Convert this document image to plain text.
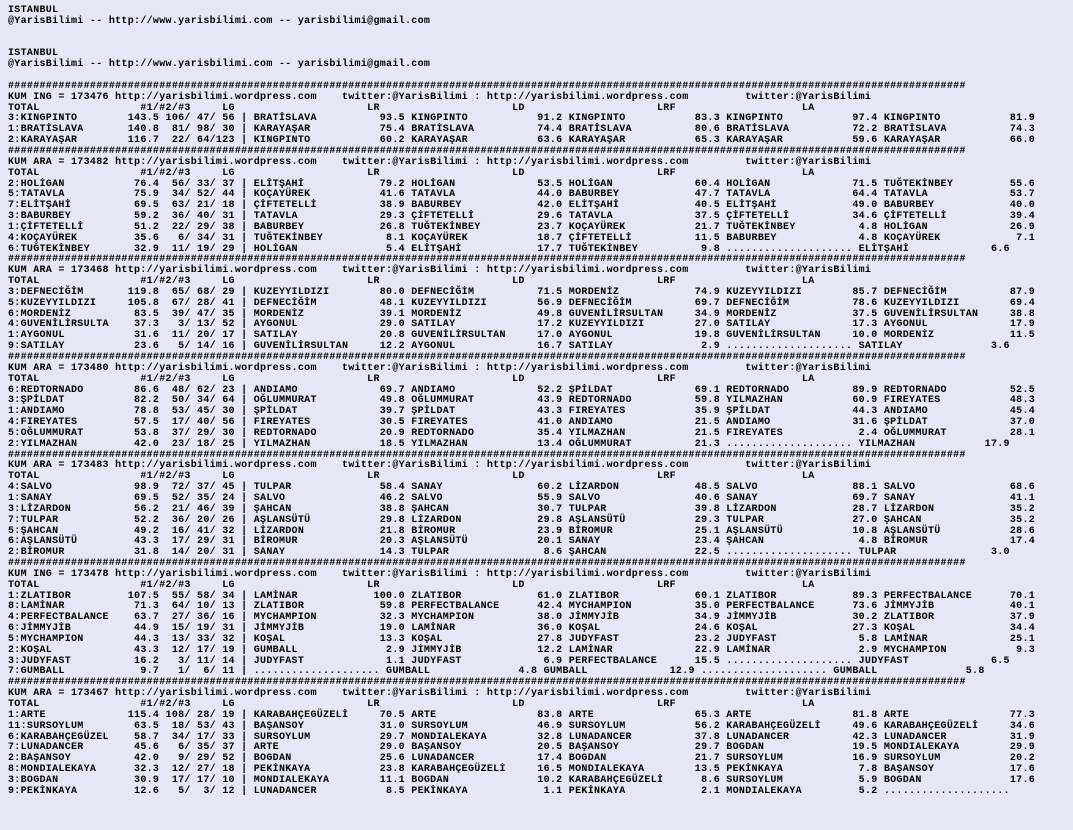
ISTANBUL
@YarisBilimi -- http://www.yarisbilimi.com -- yarisbilimi@gmail.com
ISTANBUL
@YarisBilimi -- http://www.yarisbilimi.com -- yarisbilimi@gmail.com
########################################################################################################################################################
KUM ING = 173476 http://yarisbilimi.wordpress.com    twitter:@YarisBilimi : http://yarisbilimi.wordpress.com         twitter:@YarisBilimi
TOTAL                #1/#2/#3     LG                     LR                     LD                     LRF                    LA
3:KINGPINTO        143.5 106/ 47/ 56 | BRATİSLAVA          93.5 KINGPINTO           91.2 KINGPINTO           83.3 KINGPINTO           97.4 KINGPINTO           81.9
1:BRATİSLAVA       140.8  81/ 98/ 30 | KARAYAŞAR           75.4 BRATİSLAVA          74.4 BRATİSLAVA          80.6 BRATİSLAVA          72.2 BRATİSLAVA          74.3
2:KARAYAŞAR        116.7  22/ 64/123 | KINGPINTO           60.2 KARAYAŞAR           63.6 KARAYAŞAR           65.3 KARAYAŞAR           59.6 KARAYAŞAR           66.0
########################################################################################################################################################
KUM ARA = 173482 http://yarisbilimi.wordpress.com    twitter:@YarisBilimi : http://yarisbilimi.wordpress.com         twitter:@YarisBilimi
TOTAL                #1/#2/#3     LG                     LR                     LD                     LRF                    LA
2:HOLİGAN           76.4  56/ 33/ 37 | ELİTŞAHİ            79.2 HOLİGAN             53.5 HOLİGAN             60.4 HOLİGAN             71.5 TUĞTEKİNBEY         55.6
5:TATAVLA           75.9  34/ 52/ 44 | KOÇAYÜREK           41.6 TATAVLA             44.0 BABURBEY            47.7 TATAVLA             64.4 TATAVLA             53.7
7:ELİTŞAHİ          69.5  63/ 21/ 18 | ÇİFTETELLİ          38.9 BABURBEY            42.0 ELİTŞAHİ            40.5 ELİTŞAHİ            49.0 BABURBEY            40.0
3:BABURBEY          59.2  36/ 40/ 31 | TATAVLA             29.3 ÇİFTETELLİ          29.6 TATAVLA             37.5 ÇİFTETELLİ          34.6 ÇİFTETELLİ          39.4
1:ÇİFTETELLİ        51.2  22/ 29/ 38 | BABURBEY            26.8 TUĞTEKİNBEY         23.7 KOÇAYÜREK           21.7 TUĞTEKİNBEY          4.8 HOLİGAN             26.9
4:KOÇAYÜREK         35.6   6/ 34/ 31 | TUĞTEKİNBEY          8.1 KOÇAYÜREK           18.7 ÇİFTETELLİ          11.5 BABURBEY             4.8 KOÇAYÜREK            7.1
6:TUĞTEKİNBEY       32.9  11/ 19/ 29 | HOLİGAN              5.4 ELİTŞAHİ            17.7 TUĞTEKİNBEY          9.8 .................... ELİTŞAHİ             6.6
########################################################################################################################################################
KUM ARA = 173468 http://yarisbilimi.wordpress.com    twitter:@YarisBilimi : http://yarisbilimi.wordpress.com         twitter:@YarisBilimi
TOTAL                #1/#2/#3     LG                     LR                     LD                     LRF                    LA
3:DEFNECİĞİM       119.8  65/ 68/ 29 | KUZEYYILDIZI        80.0 DEFNECİĞİM          71.5 MORDENİZ            74.9 KUZEYYILDIZI        85.7 DEFNECİĞİM          87.9
5:KUZEYYILDIZI     105.8  67/ 28/ 41 | DEFNECİĞİM          48.1 KUZEYYILDIZI        56.9 DEFNECİĞİM          69.7 DEFNECİĞİM          78.6 KUZEYYILDIZI        69.4
6:MORDENİZ          83.5  39/ 47/ 35 | MORDENİZ            39.1 MORDENİZ            49.8 GUVENİLİRSULTAN     34.9 MORDENİZ            37.5 GUVENİLİRSULTAN     38.8
4:GUVENİLİRSULTA    37.3   3/ 13/ 52 | AYGONUL             29.0 SATILAY             17.2 KUZEYYILDIZI        27.0 SATILAY             17.3 AYGONUL             17.9
1:AYGONUL           31.6  11/ 20/ 17 | SATILAY             20.8 GUVENİLİRSULTAN     17.0 AYGONUL             19.8 GUVENİLİRSULTAN     10.0 MORDENİZ            11.5
9:SATILAY           23.6   5/ 14/ 16 | GUVENİLİRSULTAN     12.2 AYGONUL             16.7 SATILAY              2.9 .................... SATILAY              3.6
########################################################################################################################################################
KUM ARA = 173480 http://yarisbilimi.wordpress.com    twitter:@YarisBilimi : http://yarisbilimi.wordpress.com         twitter:@YarisBilimi
TOTAL                #1/#2/#3     LG                     LR                     LD                     LRF                    LA
6:REDTORNADO        86.6  48/ 62/ 23 | ANDIAMO             69.7 ANDIAMO             52.2 ŞPİLDAT             69.1 REDTORNADO          89.9 REDTORNADO          52.5
3:ŞPİLDAT           82.2  50/ 34/ 64 | OĞLUMMURAT          49.8 OĞLUMMURAT          43.9 REDTORNADO          59.8 YILMAZHAN           60.9 FIREYATES           48.3
1:ANDIAMO           78.8  53/ 45/ 30 | ŞPİLDAT             39.7 ŞPİLDAT             43.3 FIREYATES           35.9 ŞPİLDAT             44.3 ANDIAMO             45.4
4:FIREYATES         57.5  17/ 40/ 56 | FIREYATES           30.5 FIREYATES           41.0 ANDIAMO             21.5 ANDIAMO             31.6 ŞPİLDAT             37.0
5:OĞLUMMURAT        53.8  37/ 29/ 30 | REDTORNADO          20.9 REDTORNADO          35.4 YILMAZHAN           21.5 FIREYATES            2.4 OĞLUMMURAT          28.1
2:YILMAZHAN         42.0  23/ 18/ 25 | YILMAZHAN           18.5 YILMAZHAN           13.4 OĞLUMMURAT          21.3 .................... YILMAZHAN           17.9
########################################################################################################################################################
KUM ARA = 173483 http://yarisbilimi.wordpress.com    twitter:@YarisBilimi : http://yarisbilimi.wordpress.com         twitter:@YarisBilimi
TOTAL                #1/#2/#3     LG                     LR                     LD                     LRF                    LA
4:SALVO             98.9  72/ 37/ 45 | TULPAR              58.4 SANAY               60.2 LİZARDON            48.5 SALVO               88.1 SALVO               68.6
1:SANAY             69.5  52/ 35/ 24 | SALVO               46.2 SALVO               55.9 SALVO               40.6 SANAY               69.7 SANAY               41.1
3:LİZARDON          56.2  21/ 46/ 39 | ŞAHCAN              38.8 ŞAHCAN              30.7 TULPAR              39.8 LİZARDON            28.7 LİZARDON            35.2
7:TULPAR            52.2  36/ 20/ 26 | AŞLANSÜTÜ           29.8 LİZARDON            29.8 AŞLANSÜTÜ           29.3 TULPAR              27.0 ŞAHCAN              35.2
5:ŞAHCAN            49.2  16/ 41/ 32 | LİZARDON            21.8 BİROMUR             23.9 BİROMUR             25.1 AŞLANSÜTÜ           10.8 AŞLANSÜTÜ           28.6
6:AŞLANSÜTÜ         43.3  17/ 29/ 31 | BİROMUR             20.3 AŞLANSÜTÜ           20.1 SANAY               23.4 ŞAHCAN               4.8 BİROMUR             17.4
2:BİROMUR           31.8  14/ 20/ 31 | SANAY               14.3 TULPAR               8.6 ŞAHCAN              22.5 .................... TULPAR               3.0
########################################################################################################################################################
KUM ING = 173478 http://yarisbilimi.wordpress.com    twitter:@YarisBilimi : http://yarisbilimi.wordpress.com         twitter:@YarisBilimi
TOTAL                #1/#2/#3     LG                     LR                     LD                     LRF                    LA
1:ZLATIBOR         107.5  55/ 58/ 34 | LAMİNAR            100.0 ZLATIBOR            61.0 ZLATIBOR            60.1 ZLATIBOR            89.3 PERFECTBALANCE      70.1
8:LAMİNAR           71.3  64/ 10/ 13 | ZLATIBOR            59.8 PERFECTBALANCE      42.4 MYCHAMPION          35.0 PERFECTBALANCE      73.6 JİMMYJİB            40.1
4:PERFECTBALANCE    63.7  27/ 36/ 16 | MYCHAMPION          32.3 MYCHAMPION          38.0 JİMMYJİB            34.9 JİMMYJİB            30.2 ZLATIBOR            37.9
6:JİMMYJİB          44.9  15/ 19/ 31 | JİMMYJİB            19.0 LAMİNAR             36.0 KOŞAL               24.6 KOŞAL               27.3 KOŞAL               34.4
5:MYCHAMPION        44.3  13/ 33/ 32 | KOŞAL               13.3 KOŞAL               27.8 JUDYFAST            23.2 JUDYFAST             5.8 LAMİNAR             25.1
2:KOŞAL             43.3  12/ 17/ 19 | GUMBALL              2.9 JİMMYJİB            12.2 LAMİNAR             22.9 LAMİNAR              2.9 MYCHAMPION           9.3
3:JUDYFAST          16.2   3/ 11/ 14 | JUDYFAST             1.1 JUDYFAST             6.9 PERFECTBALANCE      15.5 .................... JUDYFAST             6.5
7:GUMBALL            9.7   1/  6/ 11 | .................... GUMBALL              4.8 GUMBALL             12.9 .................... GUMBALL              5.8
########################################################################################################################################################
KUM ARA = 173467 http://yarisbilimi.wordpress.com    twitter:@YarisBilimi : http://yarisbilimi.wordpress.com         twitter:@YarisBilimi
TOTAL                #1/#2/#3     LG                     LR                     LD                     LRF                    LA
1:ARTE             115.4 108/ 28/ 19 | KARABAHÇEGÜZELİ     70.5 ARTE                83.8 ARTE                65.3 ARTE                81.8 ARTE                77.3
11:SURSOYLUM        63.5  18/ 53/ 43 | BAŞANSOY            31.0 SURSOYLUM           46.9 SURSOYLUM           56.2 KARABAHÇEGÜZELİ     49.6 KARABAHÇEGÜZELİ     34.6
6:KARABAHÇEGÜZEL    58.7  34/ 17/ 33 | SURSOYLUM           29.7 MONDIALEKAYA        32.8 LUNADANCER          37.8 LUNADANCER          42.3 LUNADANCER          31.9
7:LUNADANCER        45.6   6/ 35/ 37 | ARTE                29.0 BAŞANSOY            20.5 BAŞANSOY            29.7 BOGDAN              19.5 MONDIALEKAYA        29.9
2:BAŞANSOY          42.0   9/ 29/ 52 | BOGDAN              25.6 LUNADANCER          17.4 BOGDAN              21.7 SURSOYLUM           16.9 SURSOYLUM           20.2
8:MONDIALEKAYA      32.3  12/ 27/ 18 | PEKİNKAYA           23.8 KARABAHÇEGÜZELİ     16.5 MONDIALEKAYA        13.5 PEKİNKAYA            7.8 BAŞANSOY            17.6
3:BOGDAN            30.9  17/ 17/ 10 | MONDIALEKAYA        11.1 BOGDAN              10.2 KARABAHÇEGÜZELİ      8.6 SURSOYLUM            5.9 BOGDAN              17.6
9:PEKİNKAYA         12.6   5/  3/ 12 | LUNADANCER           8.5 PEKİNKAYA            1.1 PEKİNKAYA            2.1 MONDIALEKAYA         5.2 ....................
